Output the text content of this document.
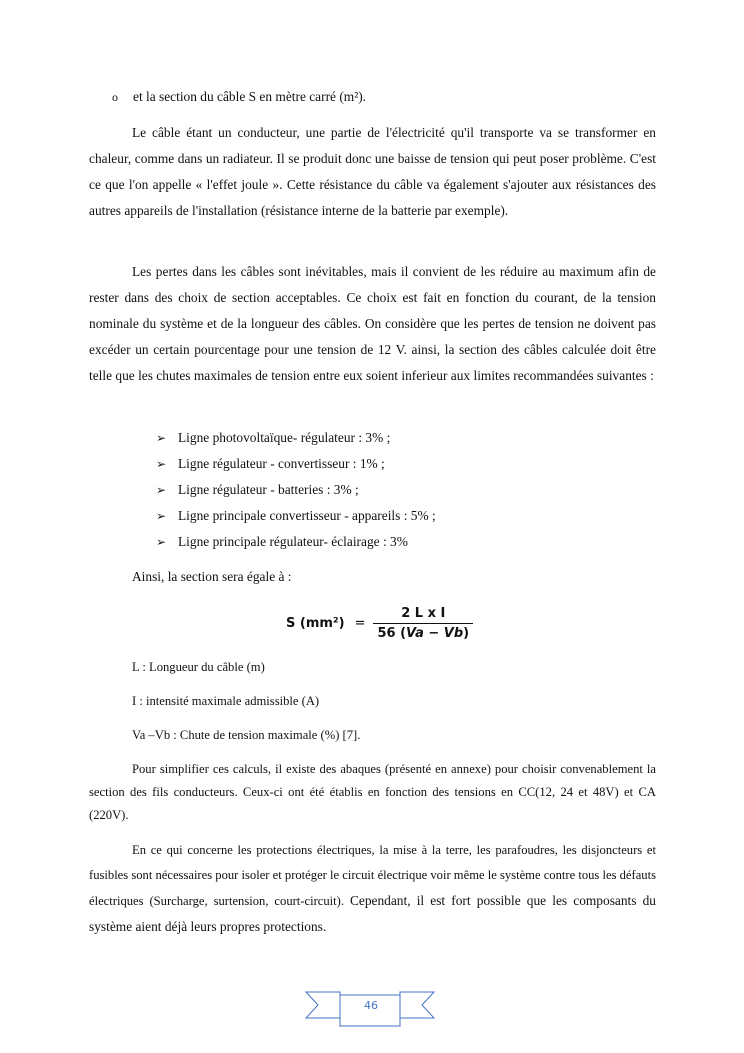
o et la section du câble S en mètre carré (m²).

Le câble étant un conducteur, une partie de l'électricité qu'il transporte va se transformer en chaleur, comme dans un radiateur. Il se produit donc une baisse de tension qui peut poser problème. C'est ce que l'on appelle « l'effet joule ». Cette résistance du câble va également s'ajouter aux résistances des autres appareils de l'installation (résistance interne de la batterie par exemple).

Les pertes dans les câbles sont inévitables, mais il convient de les réduire au maximum afin de rester dans des choix de section acceptables. Ce choix est fait en fonction du courant, de la tension nominale du système et de la longueur des câbles. On considère que les pertes de tension ne doivent pas excéder un certain pourcentage pour une tension de 12 V. ainsi, la section des câbles calculée doit être telle que les chutes maximales de tension entre eux soient inferieur aux limites recommandées suivantes :

➢ Ligne photovoltaïque- régulateur : 3% ;
➢ Ligne régulateur - convertisseur : 1% ;
➢ Ligne régulateur - batteries : 3% ;
➢ Ligne principale convertisseur - appareils : 5% ;
➢ Ligne principale régulateur- éclairage : 3%
Ainsi, la section sera égale à :
S $(mm^2) = \frac{\text{2 L x I}}{56 (Va - Vb)}$
L : Longueur du câble (m)
I : intensité maximale admissible (A)
Va –Vb : Chute de tension maximale (%) [7].

Pour simplifier ces calculs, il existe des abaques (présenté en annexe) pour choisir convenablement la section des fils conducteurs. Ceux-ci ont été établis en fonction des tensions en CC(12, 24 et 48V) et CA (220V).

En ce qui concerne les protections électriques, la mise à la terre, les parafoudres, les disjoncteurs et fusibles sont nécessaires pour isoler et protéger le circuit électrique voir même le système contre tous les défauts électriques (Surcharge, surtension, court-circuit). Cependant, il est fort possible que les composants du système aient déjà leurs propres protections.

46
